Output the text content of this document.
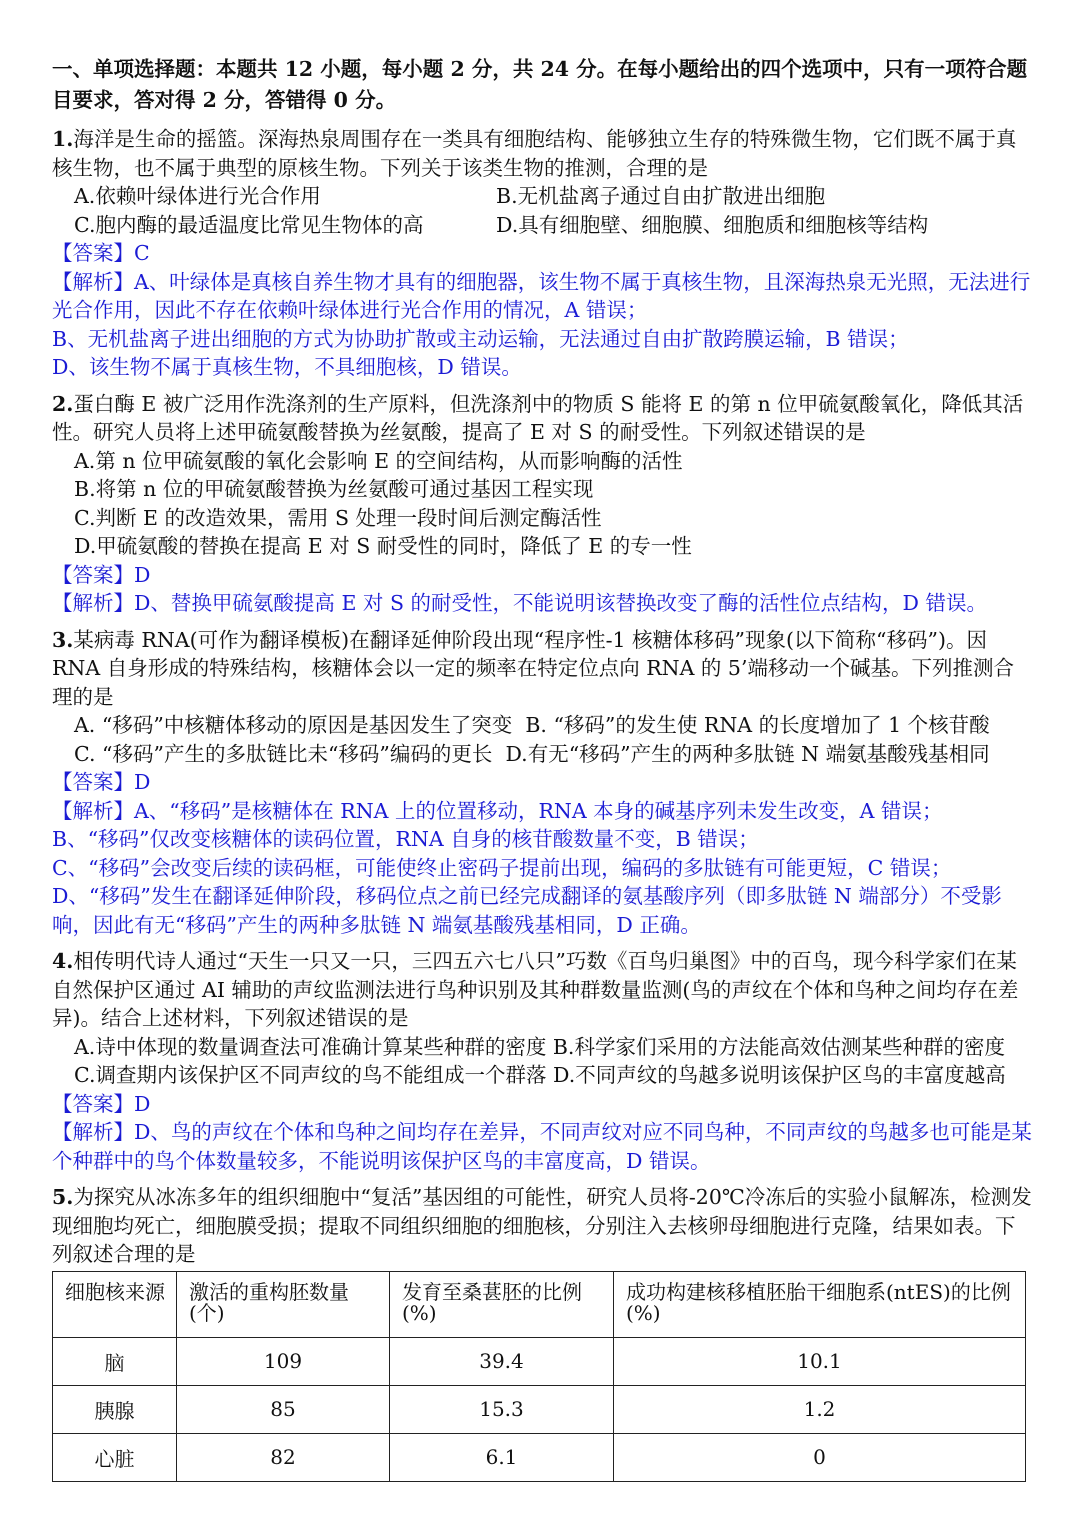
一、单项选择题：本题共 12 小题，每小题 2 分，共 24 分。在每小题给出的四个选项中，只有一项符合题目要求，答对得 2 分，答错得 0 分。
1.海洋是生命的摇篮。深海热泉周围存在一类具有细胞结构、能够独立生存的特殊微生物，它们既不属于真核生物，也不属于典型的原核生物。下列关于该类生物的推测，合理的是
A.依赖叶绿体进行光合作用	B.无机盐离子通过自由扩散进出细胞
C.胞内酶的最适温度比常见生物体的高	D.具有细胞壁、细胞膜、细胞质和细胞核等结构
【答案】C
【解析】A、叶绿体是真核自养生物才具有的细胞器，该生物不属于真核生物，且深海热泉无光照，无法进行光合作用，因此不存在依赖叶绿体进行光合作用的情况，A 错误；
B、无机盐离子进出细胞的方式为协助扩散或主动运输，无法通过自由扩散跨膜运输，B 错误；
D、该生物不属于真核生物，不具细胞核，D 错误。
2.蛋白酶 E 被广泛用作洗涤剂的生产原料，但洗涤剂中的物质 S 能将 E 的第 n 位甲硫氨酸氧化，降低其活性。研究人员将上述甲硫氨酸替换为丝氨酸，提高了 E 对 S 的耐受性。下列叙述错误的是
A.第 n 位甲硫氨酸的氧化会影响 E 的空间结构，从而影响酶的活性
B.将第 n 位的甲硫氨酸替换为丝氨酸可通过基因工程实现
C.判断 E 的改造效果，需用 S 处理一段时间后测定酶活性
D.甲硫氨酸的替换在提高 E 对 S 耐受性的同时，降低了 E 的专一性
【答案】D
【解析】D、替换甲硫氨酸提高 E 对 S 的耐受性，不能说明该替换改变了酶的活性位点结构，D 错误。
3.某病毒 RNA(可作为翻译模板)在翻译延伸阶段出现“程序性-1 核糖体移码”现象(以下简称“移码”)。因 RNA 自身形成的特殊结构，核糖体会以一定的频率在特定位点向 RNA 的 5’端移动一个碱基。下列推测合理的是
A. “移码”中核糖体移动的原因是基因发生了突变 B. “移码”的发生使 RNA 的长度增加了 1 个核苷酸
C. “移码”产生的多肽链比未“移码”编码的更长 D.有无“移码”产生的两种多肽链 N 端氨基酸残基相同
【答案】D
【解析】A、“移码”是核糖体在 RNA 上的位置移动，RNA 本身的碱基序列未发生改变，A 错误；
B、“移码”仅改变核糖体的读码位置，RNA 自身的核苷酸数量不变，B 错误；
C、“移码”会改变后续的读码框，可能使终止密码子提前出现，编码的多肽链有可能更短，C 错误；
D、“移码”发生在翻译延伸阶段，移码位点之前已经完成翻译的氨基酸序列（即多肽链 N 端部分）不受影响，因此有无“移码”产生的两种多肽链 N 端氨基酸残基相同，D 正确。
4.相传明代诗人通过“天生一只又一只，三四五六七八只”巧数《百鸟归巢图》中的百鸟，现今科学家们在某自然保护区通过 AI 辅助的声纹监测法进行鸟种识别及其种群数量监测(鸟的声纹在个体和鸟种之间均存在差异)。结合上述材料，下列叙述错误的是
A.诗中体现的数量调查法可准确计算某些种群的密度 B.科学家们采用的方法能高效估测某些种群的密度
C.调查期内该保护区不同声纹的鸟不能组成一个群落 D.不同声纹的鸟越多说明该保护区鸟的丰富度越高
【答案】D
【解析】D、鸟的声纹在个体和鸟种之间均存在差异，不同声纹对应不同鸟种，不同声纹的鸟越多也可能是某个种群中的鸟个体数量较多，不能说明该保护区鸟的丰富度高，D 错误。
5.为探究从冰冻多年的组织细胞中“复活”基因组的可能性，研究人员将-20℃冷冻后的实验小鼠解冻，检测发现细胞均死亡，细胞膜受损；提取不同组织细胞的细胞核，分别注入去核卵母细胞进行克隆，结果如表。下列叙述合理的是
细胞核来源	激活的重构胚数量(个)	发育至桑葚胚的比例(%)	成功构建核移植胚胎干细胞系(ntES)的比例(%)
脑	109	39.4	10.1
胰腺	85	15.3	1.2
心脏	82	6.1	0
